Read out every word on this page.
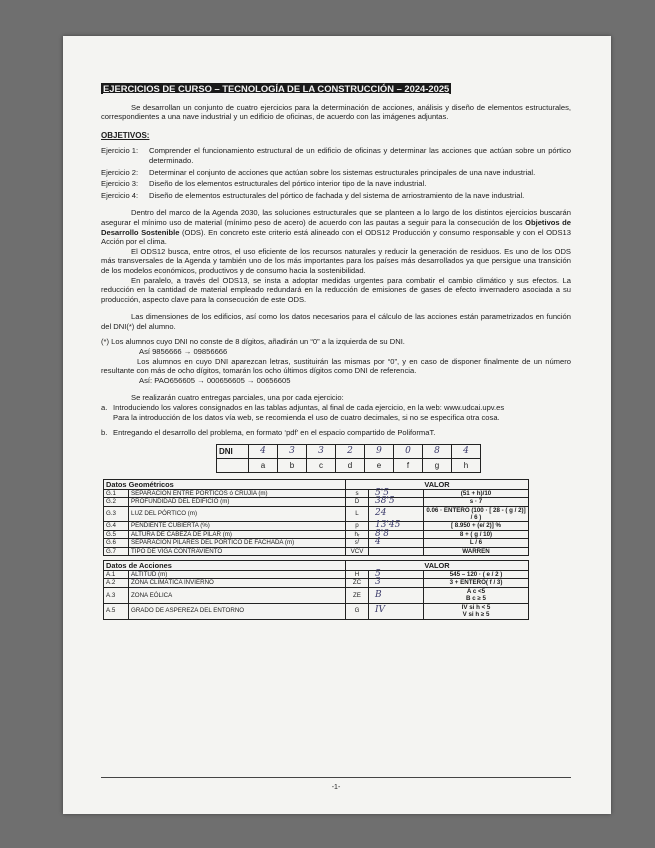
EJERCICIOS DE CURSO – TECNOLOGÍA DE LA CONSTRUCCIÓN – 2024-2025

Se desarrollan un conjunto de cuatro ejercicios para la determinación de acciones, análisis y diseño de elementos estructurales, correspondientes a una nave industrial y un edificio de oficinas, de acuerdo con las imágenes adjuntas.

OBJETIVOS:
Ejercicio 1:	Comprender el funcionamiento estructural de un edificio de oficinas y determinar las acciones que actúan sobre un pórtico determinado.
Ejercicio 2:	Determinar el conjunto de acciones que actúan sobre los sistemas estructurales principales de una nave industrial.
Ejercicio 3:	Diseño de los elementos estructurales del pórtico interior tipo de la nave industrial.
Ejercicio 4:	Diseño de elementos estructurales del pórtico de fachada y del sistema de arriostramiento de la nave industrial.

Dentro del marco de la Agenda 2030, las soluciones estructurales que se planteen a lo largo de los distintos ejercicios buscarán asegurar el mínimo uso de material (mínimo peso de acero) de acuerdo con las pautas a seguir para la consecución de los Objetivos de Desarrollo Sostenible (ODS). En concreto este criterio está alineado con el ODS12 Producción y consumo responsable y con el ODS13 Acción por el clima.

El ODS12 busca, entre otros, el uso eficiente de los recursos naturales y reducir la generación de residuos. Es uno de los ODS más transversales de la Agenda y también uno de los más importantes para los países más desarrollados ya que persigue una transición de los modelos económicos, productivos y de consumo hacia la sostenibilidad.

En paralelo, a través del ODS13, se insta a adoptar medidas urgentes para combatir el cambio climático y sus efectos. La reducción en la cantidad de material empleado redundará en la reducción de emisiones de gases de efecto invernadero asociada a su producción, aspecto clave para la consecución de este ODS.

Las dimensiones de los edificios, así como los datos necesarios para el cálculo de las acciones están parametrizados en función del DNI(*) del alumno.

(*) Los alumnos cuyo DNI no conste de 8 dígitos, añadirán un “0” a la izquierda de su DNI.

Así 9856666 → 09856666

Los alumnos en cuyo DNI aparezcan letras, sustituirán las mismas por “0”, y en caso de disponer finalmente de un número resultante con más de ocho dígitos, tomarán los ocho últimos dígitos como DNI de referencia.

Así: PAO656605 → 000656605 → 00656605

Se realizarán cuatro entregas parciales, una por cada ejercicio:

a. Introduciendo los valores consignados en las tablas adjuntas, al final de cada ejercicio, en la web: www.udcai.upv.es
Para la introducción de los datos vía web, se recomienda el uso de cuatro decimales, si no se especifica otra cosa.
b. Entregando el desarrollo del problema, en formato ‘pdf’ en el espacio compartido de PoliformaT.
DNI	4	3	3	2	9	0	8	4
	a	b	c	d	e	f	g	h
Datos Geométricos		VALOR		
G.1	SEPARACIÓN ENTRE PÓRTICOS ó CRUJÍA (m)	s	5'5	(51 + h)/10
G.2	PROFUNDIDAD DEL EDIFICIO (m)	D	38'5	s · 7
G.3	LUZ DEL PÓRTICO (m)	L	24	0.06 · ENTERO (100 · [ 28 - ( g / 2)] / 6 )
G.4	PENDIENTE CUBIERTA (%)	p	13'45	[ 8.950 + (e/ 2)] %
G.5	ALTURA DE CABEZA DE PILAR (m)	hᵣ	8'8	8 + ( g / 10)
G.6	SEPARACIÓN PILARES DEL PÓRTICO DE FACHADA (m)	sᶠ	4	L / 6
G.7	TIPO DE VIGA CONTRAVIENTO	VCV		WARREN
Datos de Acciones		VALOR		
A.1	ALTITUD (m)	H	5	545 – 120 · ( e / 2 )
A.2	ZONA CLIMÁTICA INVIERNO	ZC	3	3 + ENTERO( f / 3)
A.3	ZONA EÓLICA	ZE	B	A c <5
B c ≥ 5

A.5	GRADO DE ASPEREZA DEL ENTORNO	G	IV	IV si h < 5
V si h ≥ 5
-1-
